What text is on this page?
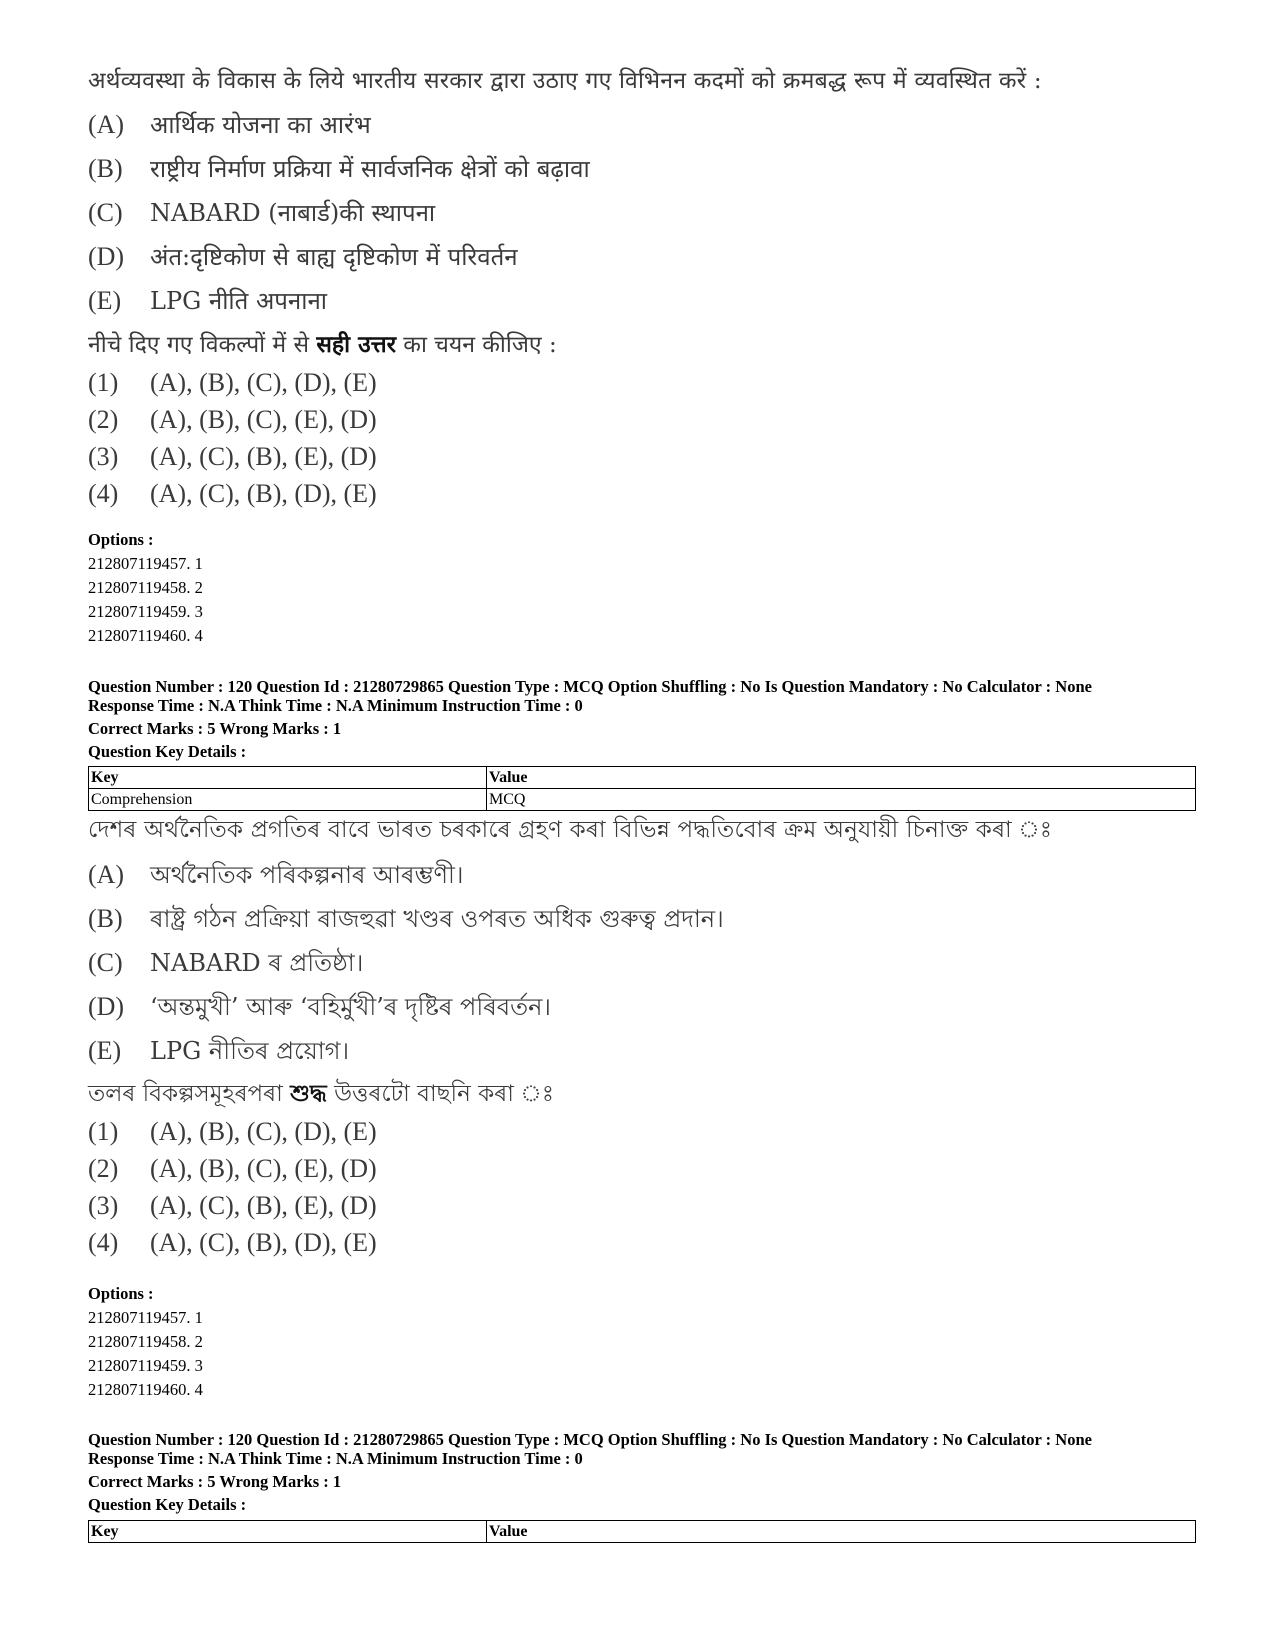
अर्थव्यवस्था के विकास के लिये भारतीय सरकार द्वारा उठाए गए विभिनन कदमों को क्रमबद्ध रूप में व्यवस्थित करें :
(A)	आर्थिक योजना का आरंभ
(B)	राष्ट्रीय निर्माण प्रक्रिया में सार्वजनिक क्षेत्रों को बढ़ावा
(C)	NABARD (नाबार्ड)की स्थापना
(D)	अंत:दृष्टिकोण से बाह्य दृष्टिकोण में परिवर्तन
(E)	LPG नीति अपनाना
नीचे दिए गए विकल्पों में से सही उत्तर का चयन कीजिए :
(1)	(A), (B), (C), (D), (E)
(2)	(A), (B), (C), (E), (D)
(3)	(A), (C), (B), (E), (D)
(4)	(A), (C), (B), (D), (E)
Options :
212807119457. 1
212807119458. 2
212807119459. 3
212807119460. 4
Question Number : 120 Question Id : 21280729865 Question Type : MCQ Option Shuffling : No Is Question Mandatory : No Calculator : None
Response Time : N.A Think Time : N.A Minimum Instruction Time : 0
Correct Marks : 5 Wrong Marks : 1
Question Key Details :
Key	Value
Comprehension	MCQ
দেশৰ অৰ্থনৈতিক প্ৰগতিৰ বাবে ভাৰত চৰকাৰে গ্ৰহণ কৰা বিভিন্ন পদ্ধতিবোৰ ক্ৰম অনুযায়ী চিনাক্ত কৰা ঃ
(A)	অৰ্থনৈতিক পৰিকল্পনাৰ আৰম্ভণী।
(B)	ৰাষ্ট্ৰ গঠন প্ৰক্ৰিয়া ৰাজহুৱা খণ্ডৰ ওপৰত অধিক গুৰুত্ব প্ৰদান।
(C)	NABARD ৰ প্ৰতিষ্ঠা।
(D)	‘অন্তমুখী’ আৰু ‘বহিৰ্মুখী’ৰ দৃষ্টিৰ পৰিবৰ্তন।
(E)	LPG নীতিৰ প্ৰয়োগ।
তলৰ বিকল্পসমূহৰপৰা শুদ্ধ উত্তৰটো বাছনি কৰা ঃ
(1)	(A), (B), (C), (D), (E)
(2)	(A), (B), (C), (E), (D)
(3)	(A), (C), (B), (E), (D)
(4)	(A), (C), (B), (D), (E)
Options :
212807119457. 1
212807119458. 2
212807119459. 3
212807119460. 4
Question Number : 120 Question Id : 21280729865 Question Type : MCQ Option Shuffling : No Is Question Mandatory : No Calculator : None
Response Time : N.A Think Time : N.A Minimum Instruction Time : 0
Correct Marks : 5 Wrong Marks : 1
Question Key Details :
Key	Value
